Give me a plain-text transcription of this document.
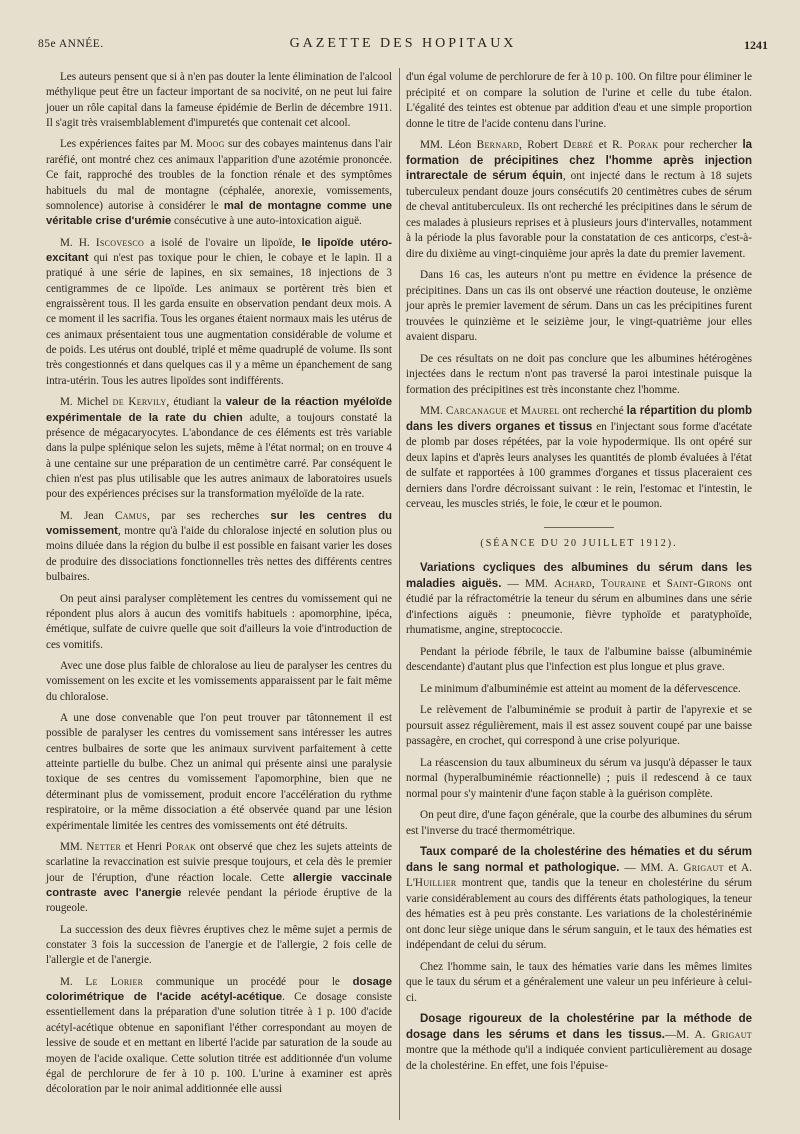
85e ANNÉE.	GAZETTE DES HOPITAUX	1241

Les auteurs pensent que si à n'en pas douter la lente élimination de l'alcool méthylique peut être un facteur important de sa nocivité, on ne peut lui faire jouer un rôle capital dans la fameuse épidémie de Berlin de décembre 1911. Il s'agit très vraisemblablement d'impuretés que contenait cet alcool.

Les expériences faites par M. Moog sur des cobayes maintenus dans l'air raréfié, ont montré chez ces animaux l'apparition d'une azotémie prononcée. Ce fait, rapproché des troubles de la fonction rénale et des symptômes habituels du mal de montagne (céphalée, anorexie, vomissements, somnolence) autorise à considérer le mal de montagne comme une véritable crise d'urémie consécutive à une auto-intoxication aiguë.

M. H. Iscovesco a isolé de l'ovaire un lipoïde, le lipoïde utéro-excitant qui n'est pas toxique pour le chien, le cobaye et le lapin. Il a pratiqué à une série de lapines, en six semaines, 18 injections de 3 centigrammes de ce lipoïde. Les animaux se portèrent très bien et engraissèrent tous. Il les garda ensuite en observation pendant deux mois. A ce moment il les sacrifia. Tous les organes étaient normaux mais les utérus de ces animaux présentaient tous une augmentation considérable de volume et de poids. Les utérus ont doublé, triplé et même quadruplé de volume. Ils sont très congestionnés et dans quelques cas il y a même un épanchement de sang intra-utérin. Tous les autres lipoïdes sont indifférents.

M. Michel de Kervily, étudiant la valeur de la réaction myéloïde expérimentale de la rate du chien adulte, a toujours constaté la présence de mégacaryocytes. L'abondance de ces éléments est très variable dans la pulpe splénique selon les sujets, même à l'état normal; on en trouve 4 à une centaine sur une préparation de un centimètre carré. Par conséquent le chien n'est pas plus utilisable que les autres animaux de laboratoires usuels pour des expériences précises sur la transformation myéloïde de la rate.

M. Jean Camus, par ses recherches sur les centres du vomissement, montre qu'à l'aide du chloralose injecté en solution plus ou moins diluée dans la région du bulbe il est possible en faisant varier les doses de produire des dissociations fonctionnelles très nettes des différents centres bulbaires.

On peut ainsi paralyser complètement les centres du vomissement qui ne répondent plus alors à aucun des vomitifs habituels : apomorphine, ipéca, émétique, sulfate de cuivre quelle que soit d'ailleurs la voie d'introduction de ces vomitifs.

Avec une dose plus faible de chloralose au lieu de paralyser les centres du vomissement on les excite et les vomissements apparaissent par le fait même du chloralose.

A une dose convenable que l'on peut trouver par tâtonnement il est possible de paralyser les centres du vomissement sans intéresser les autres centres bulbaires de sorte que les animaux survivent parfaitement à cette atteinte partielle du bulbe. Chez un animal qui présente ainsi une paralysie toxique de ses centres du vomissement l'apomorphine, bien que ne déterminant plus de vomissement, produit encore l'accélération du rythme respiratoire, or la même dissociation a été observée quand par une lésion expérimentale limitée les centres des vomissements ont été détruits.

MM. Netter et Henri Porak ont observé que chez les sujets atteints de scarlatine la revaccination est suivie presque toujours, et cela dès le premier jour de l'éruption, d'une réaction locale. Cette allergie vaccinale contraste avec l'anergie relevée pendant la période éruptive de la rougeole.

La succession des deux fièvres éruptives chez le même sujet a permis de constater 3 fois la succession de l'anergie et de l'allergie, 2 fois celle de l'allergie et de l'anergie.

M. Le Lorier communique un procédé pour le dosage colorimétrique de l'acide acétyl-acétique. Ce dosage consiste essentiellement dans la préparation d'une solution titrée à 1 p. 100 d'acide acétyl-acétique obtenue en saponifiant l'éther correspondant au moyen de lessive de soude et en mettant en liberté l'acide par saturation de la soude au moyen de l'acide oxalique. Cette solution titrée est additionnée d'un volume égal de perchlorure de fer à 10 p. 100. L'urine à examiner est après décoloration par le noir animal additionnée elle aussi

d'un égal volume de perchlorure de fer à 10 p. 100. On filtre pour éliminer le précipité et on compare la solution de l'urine et celle du tube étalon. L'égalité des teintes est obtenue par addition d'eau et une simple proportion donne le titre de l'acide contenu dans l'urine.

MM. Léon Bernard, Robert Debré et R. Porak pour rechercher la formation de précipitines chez l'homme après injection intrarectale de sérum équin, ont injecté dans le rectum à 18 sujets tuberculeux pendant douze jours consécutifs 20 centimètres cubes de sérum de cheval antituberculeux. Ils ont recherché les précipitines dans le sérum de ces malades à plusieurs reprises et à plusieurs jours d'intervalles, notamment à la période la plus favorable pour la constatation de ces anticorps, c'est-à-dire du dixième au vingt-cinquième jour après la date du premier lavement.

Dans 16 cas, les auteurs n'ont pu mettre en évidence la présence de précipitines. Dans un cas ils ont observé une réaction douteuse, le onzième jour après le premier lavement de sérum. Dans un cas les précipitines furent trouvées le quinzième et le seizième jour, le vingt-quatrième jour elles avaient disparu.

De ces résultats on ne doit pas conclure que les albumines hétérogènes injectées dans le rectum n'ont pas traversé la paroi intestinale puisque la formation des précipitines est très inconstante chez l'homme.

MM. Carcanague et Maurel ont recherché la répartition du plomb dans les divers organes et tissus en l'injectant sous forme d'acétate de plomb par doses répétées, par la voie hypodermique. Ils ont opéré sur deux lapins et d'après leurs analyses les quantités de plomb évaluées à l'état de sulfate et rapportées à 100 grammes d'organes et tissus placeraient ces derniers dans l'ordre décroissant suivant : le rein, l'estomac et l'intestin, le cerveau, les muscles striés, le foie, le cœur et le poumon.

(SÉANCE DU 20 JUILLET 1912).

Variations cycliques des albumines du sérum dans les maladies aiguës. — MM. Achard, Touraine et Saint-Girons ont étudié par la réfractométrie la teneur du sérum en albumines dans une série d'infections aiguës : pneumonie, fièvre typhoïde et paratyphoïde, rhumatisme, angine, streptococcie.

Pendant la période fébrile, le taux de l'albumine baisse (albuminémie descendante) d'autant plus que l'infection est plus longue et plus grave.

Le minimum d'albuminémie est atteint au moment de la défervescence.

Le relèvement de l'albuminémie se produit à partir de l'apyrexie et se poursuit assez régulièrement, mais il est assez souvent coupé par une baisse passagère, en crochet, qui correspond à une crise polyurique.

La réascension du taux albumineux du sérum va jusqu'à dépasser le taux normal (hyperalbuminémie réactionnelle) ; puis il redescend à ce taux normal pour s'y maintenir d'une façon stable à la guérison complète.

On peut dire, d'une façon générale, que la courbe des albumines du sérum est l'inverse du tracé thermométrique.

Taux comparé de la cholestérine des hématies et du sérum dans le sang normal et pathologique. — MM. A. Grigaut et A. L'Huillier montrent que, tandis que la teneur en cholestérine du sérum varie considérablement au cours des différents états pathologiques, la teneur des hématies est à peu près constante. Les variations de la cholestérinémie ont donc leur siège unique dans le sérum sanguin, et le taux des hématies est indépendant de celui du sérum.

Chez l'homme sain, le taux des hématies varie dans les mêmes limites que le taux du sérum et a généralement une valeur un peu inférieure à celui-ci.

Dosage rigoureux de la cholestérine par la méthode de dosage dans les sérums et dans les tissus.—M. A. Grigaut montre que la méthode qu'il a indiquée convient particulièrement au dosage de la cholestérine. En effet, une fois l'épuise-
